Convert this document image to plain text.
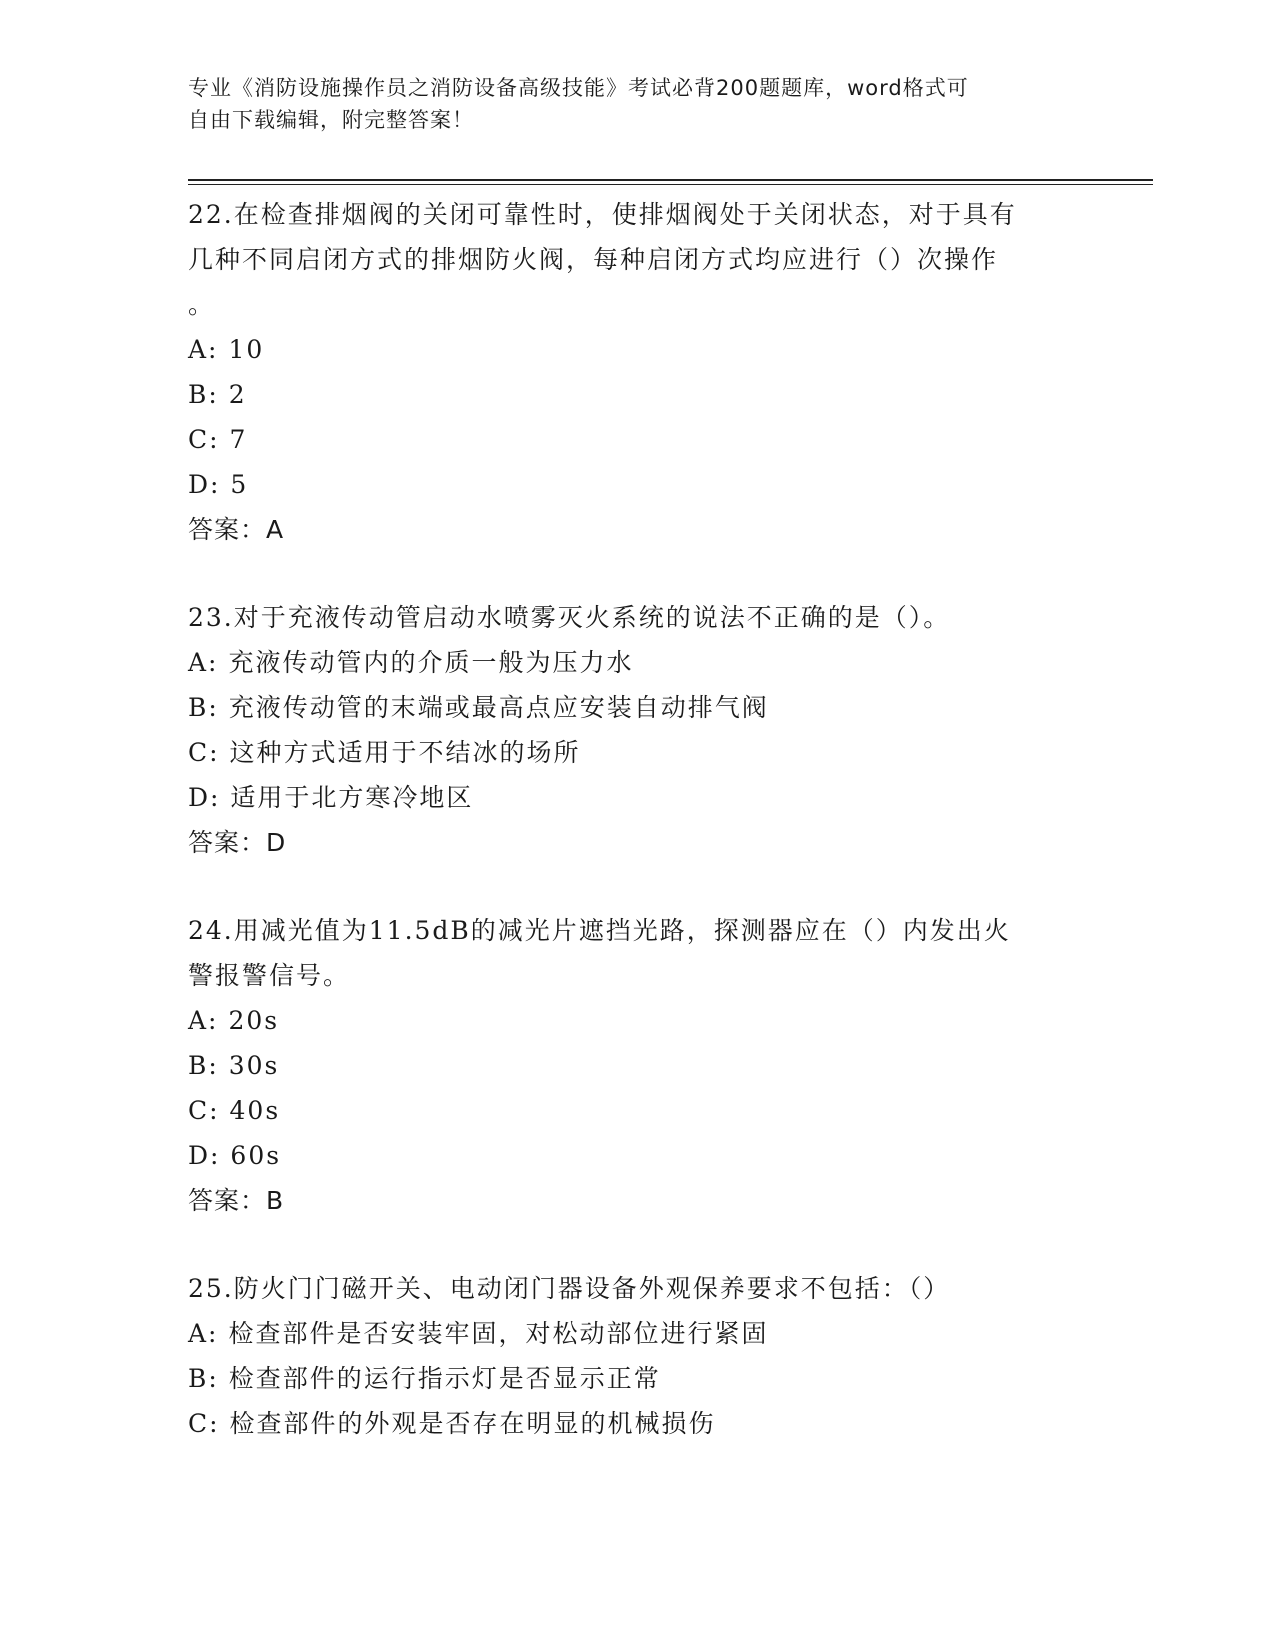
专业《消防设施操作员之消防设备高级技能》考试必背200题题库，word格式可
自由下载编辑，附完整答案！
22.在检查排烟阀的关闭可靠性时，使排烟阀处于关闭状态，对于具有
几种不同启闭方式的排烟防火阀，每种启闭方式均应进行（）次操作
。
A: 10
B: 2
C: 7
D: 5
答案：A
23.对于充液传动管启动水喷雾灭火系统的说法不正确的是（）。
A: 充液传动管内的介质一般为压力水
B: 充液传动管的末端或最高点应安装自动排气阀
C: 这种方式适用于不结冰的场所
D: 适用于北方寒冷地区
答案：D
24.用减光值为11.5dB的减光片遮挡光路，探测器应在（）内发出火
警报警信号。
A: 20s
B: 30s
C: 40s
D: 60s
答案：B
25.防火门门磁开关、电动闭门器设备外观保养要求不包括：（）
A: 检查部件是否安装牢固，对松动部位进行紧固
B: 检查部件的运行指示灯是否显示正常
C: 检查部件的外观是否存在明显的机械损伤
